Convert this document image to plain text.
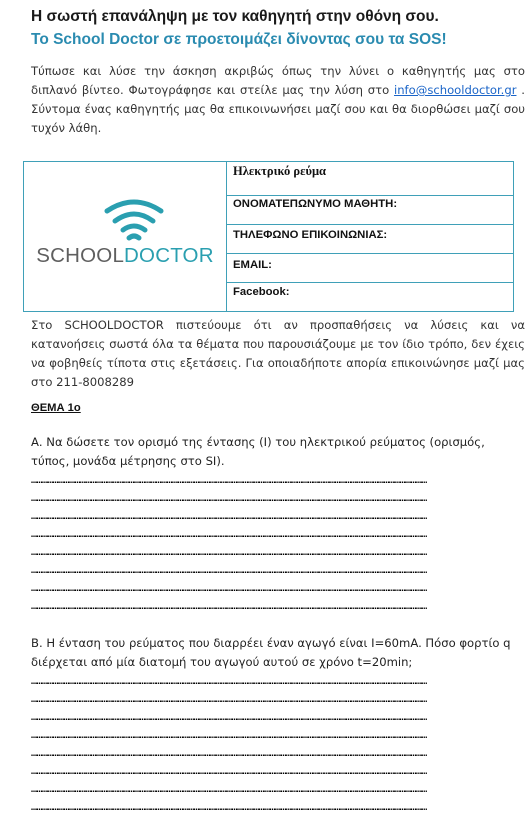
Η σωστή επανάληψη με τον καθηγητή στην οθόνη σου.
Το School Doctor σε προετοιμάζει δίνοντας σου τα SOS!
Τύπωσε και λύσε την άσκηση ακριβώς όπως την λύνει ο καθηγητής μας στο διπλανό βίντεο. Φωτογράφησε και στείλε μας την λύση στο info@schooldoctor.gr . Σύντομα ένας καθηγητής μας θα επικοινωνήσει μαζί σου και θα διορθώσει μαζί σου τυχόν λάθη.
SCHOOLDOCTOR
Ηλεκτρικό ρεύμα
ΟΝΟΜΑΤΕΠΩΝΥΜΟ ΜΑΘΗΤΗ:
ΤΗΛΕΦΩΝΟ ΕΠΙΚΟΙΝΩΝΙΑΣ:
EMAIL:
Facebook:
Στο SCHOOLDOCTOR πιστεύουμε ότι αν προσπαθήσεις να λύσεις και να κατανοήσεις σωστά όλα τα θέματα που παρουσιάζουμε με τον ίδιο τρόπο, δεν έχεις να φοβηθείς τίποτα στις εξετάσεις. Για οποιαδήποτε απορία επικοινώνησε μαζί μας στο 211-8008289
ΘΕΜΑ 1ο
Α. Να δώσετε τον ορισμό της έντασης (Ι) του ηλεκτρικού ρεύματος (ορισμός, τύπος, μονάδα μέτρησης στο SI).
…………………………………………………………………………………………………………………………………………………………………………………………………
…………………………………………………………………………………………………………………………………………………………………………………………………
…………………………………………………………………………………………………………………………………………………………………………………………………
…………………………………………………………………………………………………………………………………………………………………………………………………
…………………………………………………………………………………………………………………………………………………………………………………………………
…………………………………………………………………………………………………………………………………………………………………………………………………
…………………………………………………………………………………………………………………………………………………………………………………………………
…………………………………………………………………………………………………………………………………………………………………………………………………
Β. Η ένταση του ρεύματος που διαρρέει έναν αγωγό είναι Ι=60mA. Πόσο φορτίο q διέρχεται από μία διατομή του αγωγού αυτού σε χρόνο t=20min;
…………………………………………………………………………………………………………………………………………………………………………………………………
…………………………………………………………………………………………………………………………………………………………………………………………………
…………………………………………………………………………………………………………………………………………………………………………………………………
…………………………………………………………………………………………………………………………………………………………………………………………………
…………………………………………………………………………………………………………………………………………………………………………………………………
…………………………………………………………………………………………………………………………………………………………………………………………………
…………………………………………………………………………………………………………………………………………………………………………………………………
…………………………………………………………………………………………………………………………………………………………………………………………………
